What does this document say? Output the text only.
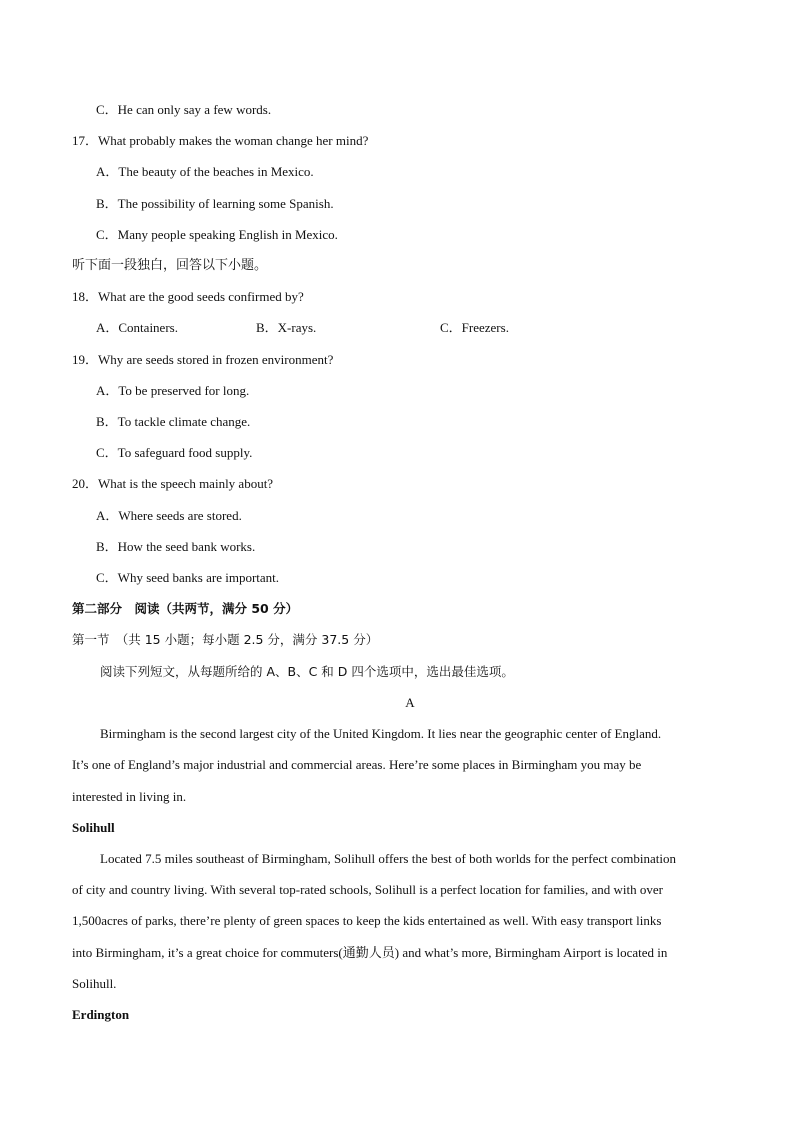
C．He can only say a few words.
17．What probably makes the woman change her mind?
A．The beauty of the beaches in Mexico.
B．The possibility of learning some Spanish.
C．Many people speaking English in Mexico.
听下面一段独白，回答以下小题。
18．What are the good seeds confirmed by?
A．Containers.	B．X-rays.	C．Freezers.
19．Why are seeds stored in frozen environment?
A．To be preserved for long.
B．To tackle climate change.
C．To safeguard food supply.
20．What is the speech mainly about?
A．Where seeds are stored.
B．How the seed bank works.
C．Why seed banks are important.
第二部分　阅读（共两节，满分 50 分）
第一节　（共 15 小题；每小题 2.5 分，满分 37.5 分）
阅读下列短文，从每题所给的 A、B、C 和 D 四个选项中，选出最佳选项。
A
Birmingham is the second largest city of the United Kingdom. It lies near the geographic center of England.
It’s one of England’s major industrial and commercial areas. Here’re some places in Birmingham you may be
interested in living in.
Solihull
Located 7.5 miles southeast of Birmingham, Solihull offers the best of both worlds for the perfect combination
of city and country living. With several top-rated schools, Solihull is a perfect location for families, and with over
1,500acres of parks, there’re plenty of green spaces to keep the kids entertained as well. With easy transport links
into Birmingham, it’s a great choice for commuters(通勤人员) and what’s more, Birmingham Airport is located in
Solihull.
Erdington
